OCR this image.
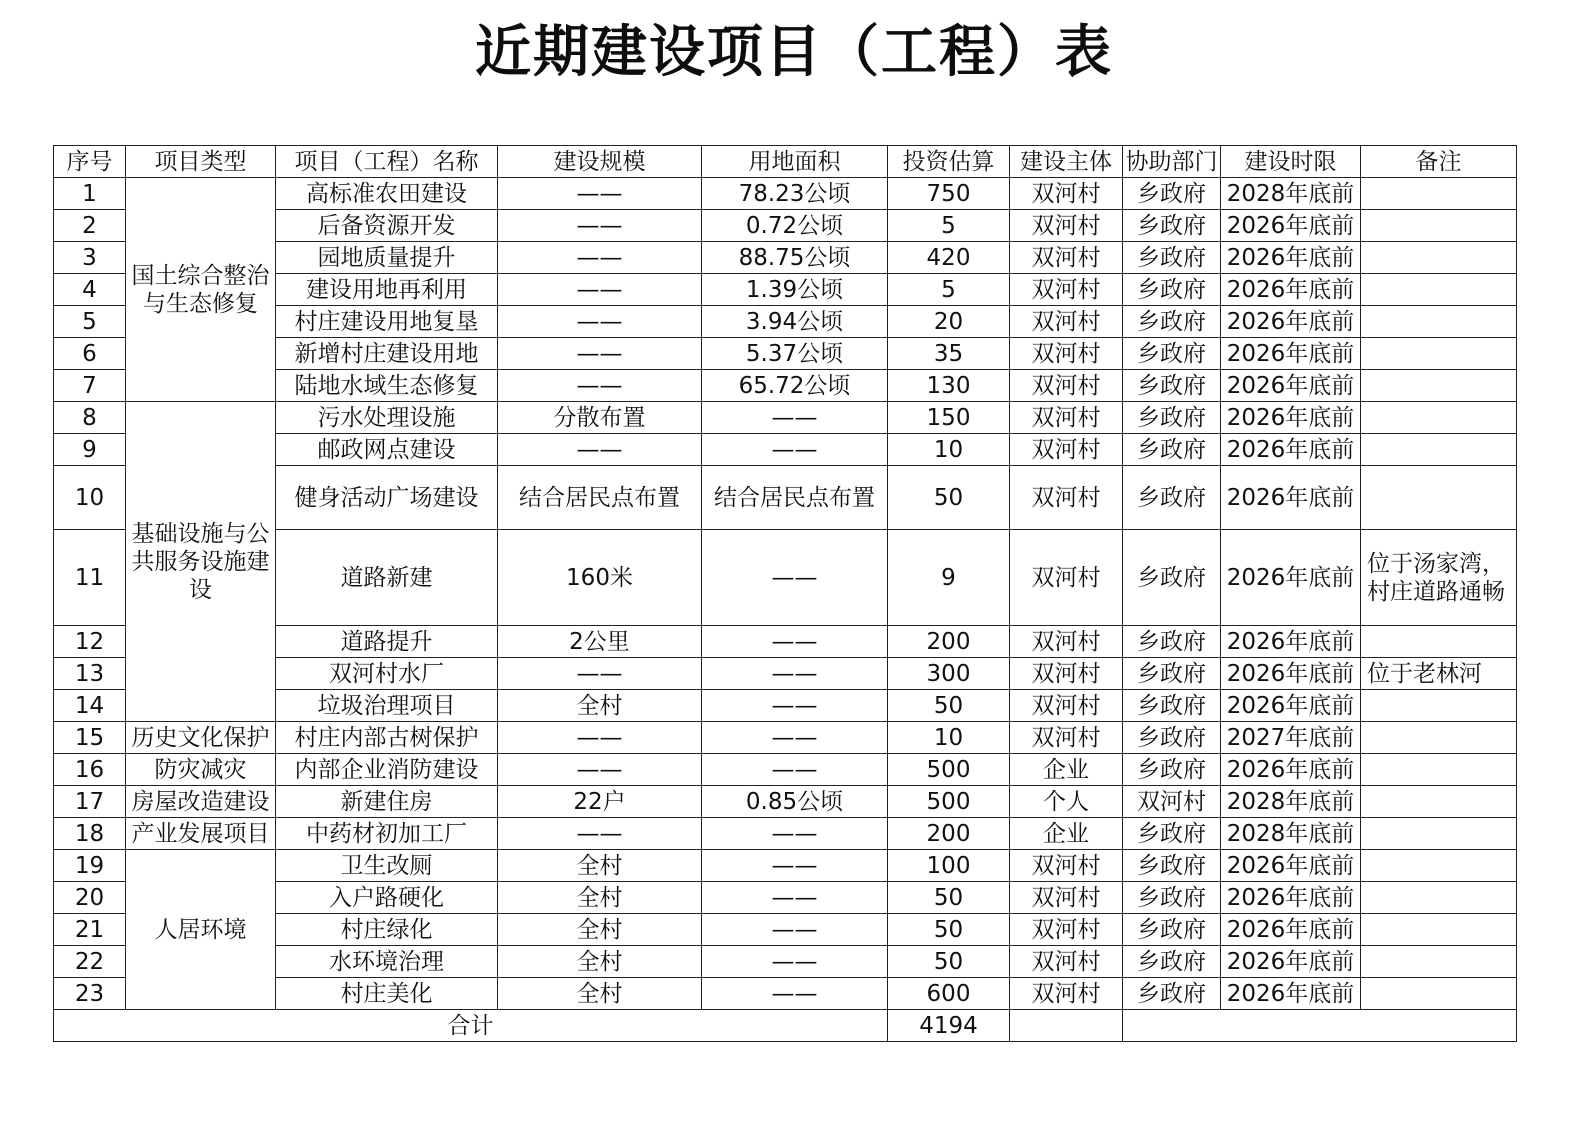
近期建设项目（工程）表
序号	项目类型	项目（工程）名称	建设规模	用地面积	投资估算	建设主体	协助部门	建设时限	备注
1	国土综合整治与生态修复	高标准农田建设	——	78.23公顷	750	双河村	乡政府	2028年底前	
2		后备资源开发	——	0.72公顷	5	双河村	乡政府	2026年底前	
3		园地质量提升	——	88.75公顷	420	双河村	乡政府	2026年底前	
4		建设用地再利用	——	1.39公顷	5	双河村	乡政府	2026年底前	
5		村庄建设用地复垦	——	3.94公顷	20	双河村	乡政府	2026年底前	
6		新增村庄建设用地	——	5.37公顷	35	双河村	乡政府	2026年底前	
7		陆地水域生态修复	——	65.72公顷	130	双河村	乡政府	2026年底前	
8	基础设施与公共服务设施建设	污水处理设施	分散布置	——	150	双河村	乡政府	2026年底前	
9		邮政网点建设	——	——	10	双河村	乡政府	2026年底前	
10		健身活动广场建设	结合居民点布置	结合居民点布置	50	双河村	乡政府	2026年底前	
11		道路新建	160米	——	9	双河村	乡政府	2026年底前	位于汤家湾，村庄道路通畅
12		道路提升	2公里	——	200	双河村	乡政府	2026年底前	
13		双河村水厂	——	——	300	双河村	乡政府	2026年底前	位于老林河
14		垃圾治理项目	全村	——	50	双河村	乡政府	2026年底前	
15	历史文化保护	村庄内部古树保护	——	——	10	双河村	乡政府	2027年底前	
16	防灾减灾	内部企业消防建设	——	——	500	企业	乡政府	2026年底前	
17	房屋改造建设	新建住房	22户	0.85公顷	500	个人	双河村	2028年底前	
18	产业发展项目	中药材初加工厂	——	——	200	企业	乡政府	2028年底前	
19	人居环境	卫生改厕	全村	——	100	双河村	乡政府	2026年底前	
20		入户路硬化	全村	——	50	双河村	乡政府	2026年底前	
21		村庄绿化	全村	——	50	双河村	乡政府	2026年底前	
22		水环境治理	全村	——	50	双河村	乡政府	2026年底前	
23		村庄美化	全村	——	600	双河村	乡政府	2026年底前	
合计					4194				
